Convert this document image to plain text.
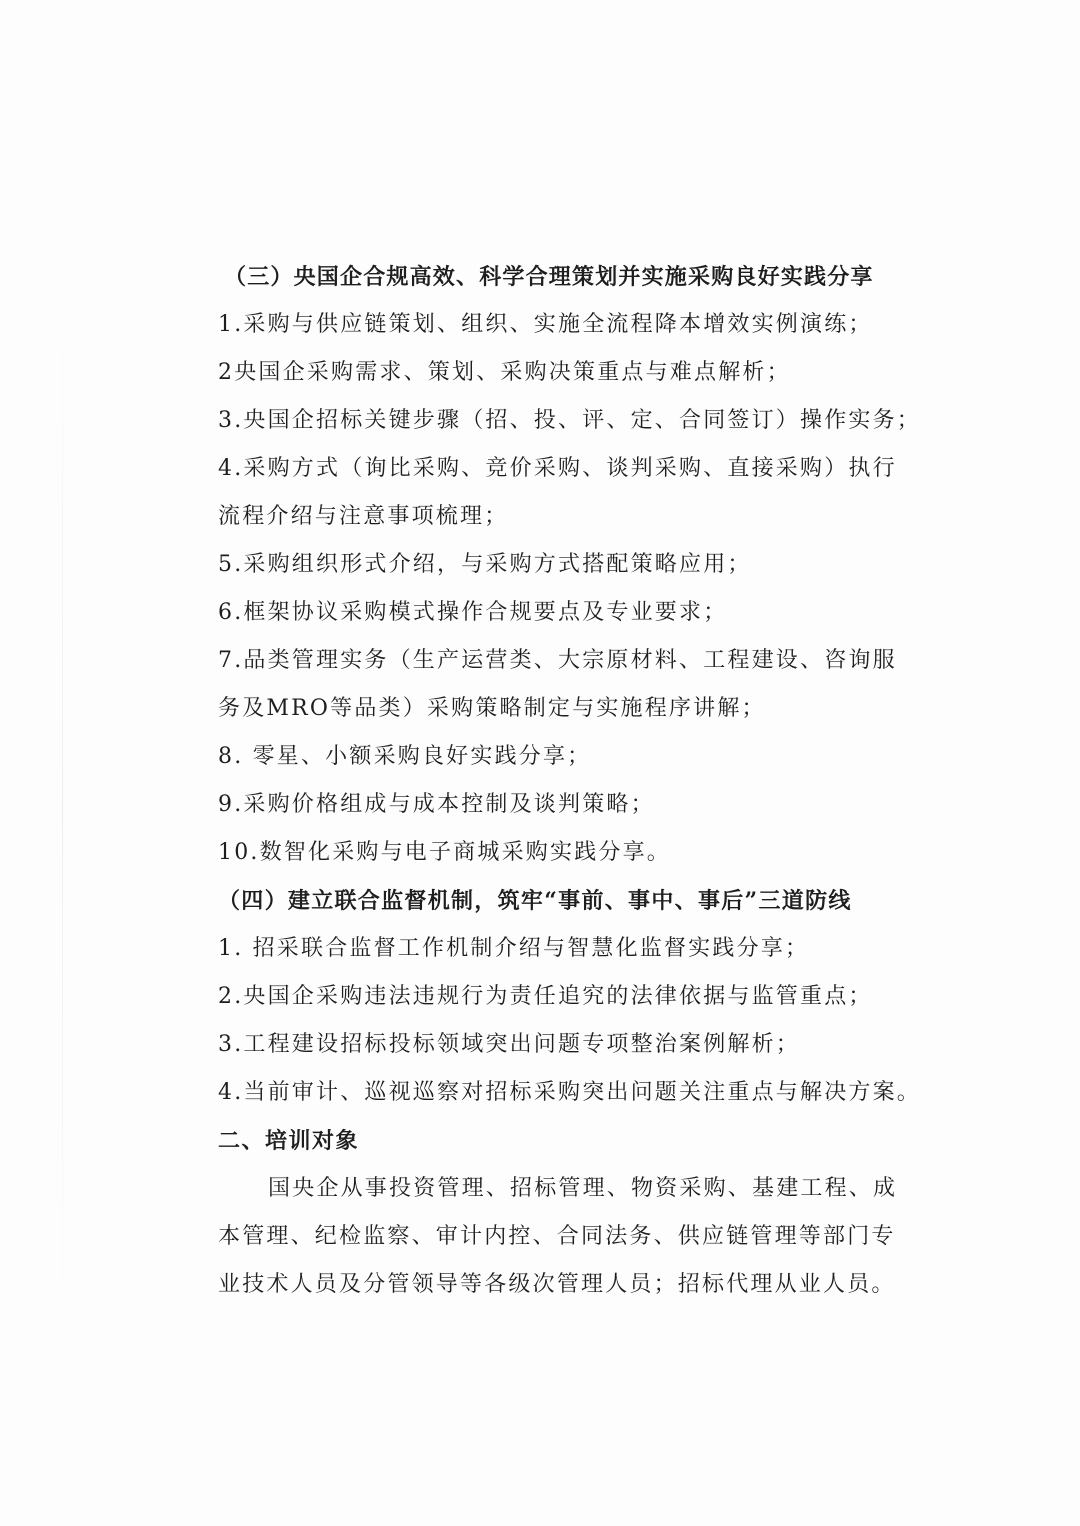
（三）央国企合规高效、科学合理策划并实施采购良好实践分享
1.采购与供应链策划、组织、实施全流程降本增效实例演练；
2央国企采购需求、策划、采购决策重点与难点解析；
3.央国企招标关键步骤（招、投、评、定、合同签订）操作实务；
4.采购方式（询比采购、竞价采购、谈判采购、直接采购）执行
流程介绍与注意事项梳理；
5.采购组织形式介绍，与采购方式搭配策略应用；
6.框架协议采购模式操作合规要点及专业要求；
7.品类管理实务（生产运营类、大宗原材料、工程建设、咨询服
务及MRO等品类）采购策略制定与实施程序讲解；
8. 零星、小额采购良好实践分享；
9.采购价格组成与成本控制及谈判策略；
10.数智化采购与电子商城采购实践分享。
（四）建立联合监督机制，筑牢“事前、事中、事后”三道防线
1. 招采联合监督工作机制介绍与智慧化监督实践分享；
2.央国企采购违法违规行为责任追究的法律依据与监管重点；
3.工程建设招标投标领域突出问题专项整治案例解析；
4.当前审计、巡视巡察对招标采购突出问题关注重点与解决方案。
二、培训对象
国央企从事投资管理、招标管理、物资采购、基建工程、成
本管理、纪检监察、审计内控、合同法务、供应链管理等部门专
业技术人员及分管领导等各级次管理人员；招标代理从业人员。
